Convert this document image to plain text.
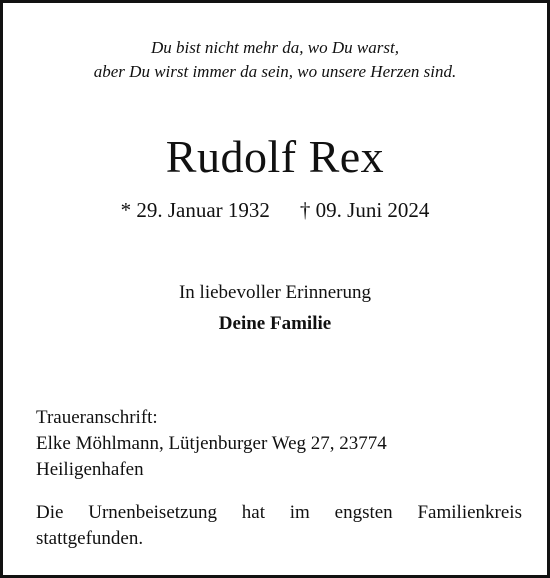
Du bist nicht mehr da, wo Du warst,
aber Du wirst immer da sein, wo unsere Herzen sind.
Rudolf Rex
* 29. Januar 1932 † 09. Juni 2024
In liebevoller Erinnerung
Deine Familie
Traueranschrift:
Elke Möhlmann, Lütjenburger Weg 27, 23774
Heiligenhafen
Die Urnenbeisetzung hat im engsten Familienkreis
stattgefunden.
